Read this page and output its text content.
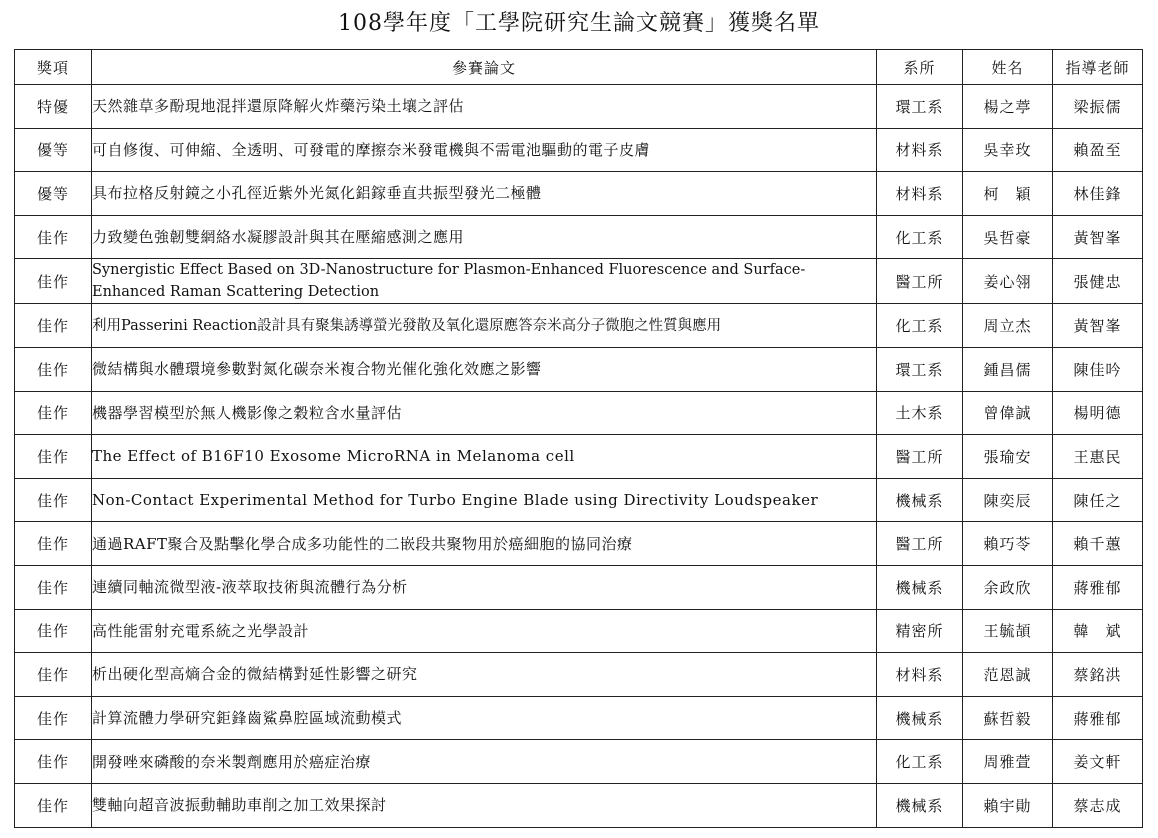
108學年度「工學院研究生論文競賽」獲獎名單
獎項	參賽論文	系所	姓名	指導老師
特優	天然雜草多酚現地混拌還原降解火炸藥污染土壤之評估	環工系	楊之葶	梁振儒
優等	可自修復、可伸縮、全透明、可發電的摩擦奈米發電機與不需電池驅動的電子皮膚	材料系	吳幸玫	賴盈至
優等	具布拉格反射鏡之小孔徑近紫外光氮化鋁鎵垂直共振型發光二極體	材料系	柯　穎	林佳鋒
佳作	力致變色強韌雙網絡水凝膠設計與其在壓縮感測之應用	化工系	吳哲豪	黃智峯
佳作	Synergistic Effect Based on 3D-Nanostructure for Plasmon-Enhanced Fluorescence and Surface-Enhanced Raman Scattering Detection	醫工所	姜心翎	張健忠
佳作	利用Passerini Reaction設計具有聚集誘導螢光發散及氧化還原應答奈米高分子微胞之性質與應用	化工系	周立杰	黃智峯
佳作	微結構與水體環境參數對氮化碳奈米複合物光催化強化效應之影響	環工系	鍾昌儒	陳佳吟
佳作	機器學習模型於無人機影像之穀粒含水量評估	土木系	曾偉誠	楊明德
佳作	The Effect of B16F10 Exosome MicroRNA in Melanoma cell	醫工所	張瑜安	王惠民
佳作	Non-Contact Experimental Method for Turbo Engine Blade using Directivity Loudspeaker	機械系	陳奕辰	陳任之
佳作	通過RAFT聚合及點擊化學合成多功能性的二嵌段共聚物用於癌細胞的協同治療	醫工所	賴巧苓	賴千蕙
佳作	連續同軸流微型液-液萃取技術與流體行為分析	機械系	余政欣	蔣雅郁
佳作	高性能雷射充電系統之光學設計	精密所	王毓頡	韓　斌
佳作	析出硬化型高熵合金的微結構對延性影響之研究	材料系	范恩誠	蔡銘洪
佳作	計算流體力學研究鉅鋒齒鯊鼻腔區域流動模式	機械系	蘇哲毅	蔣雅郁
佳作	開發唑來磷酸的奈米製劑應用於癌症治療	化工系	周雅萱	姜文軒
佳作	雙軸向超音波振動輔助車削之加工效果探討	機械系	賴宇勛	蔡志成
